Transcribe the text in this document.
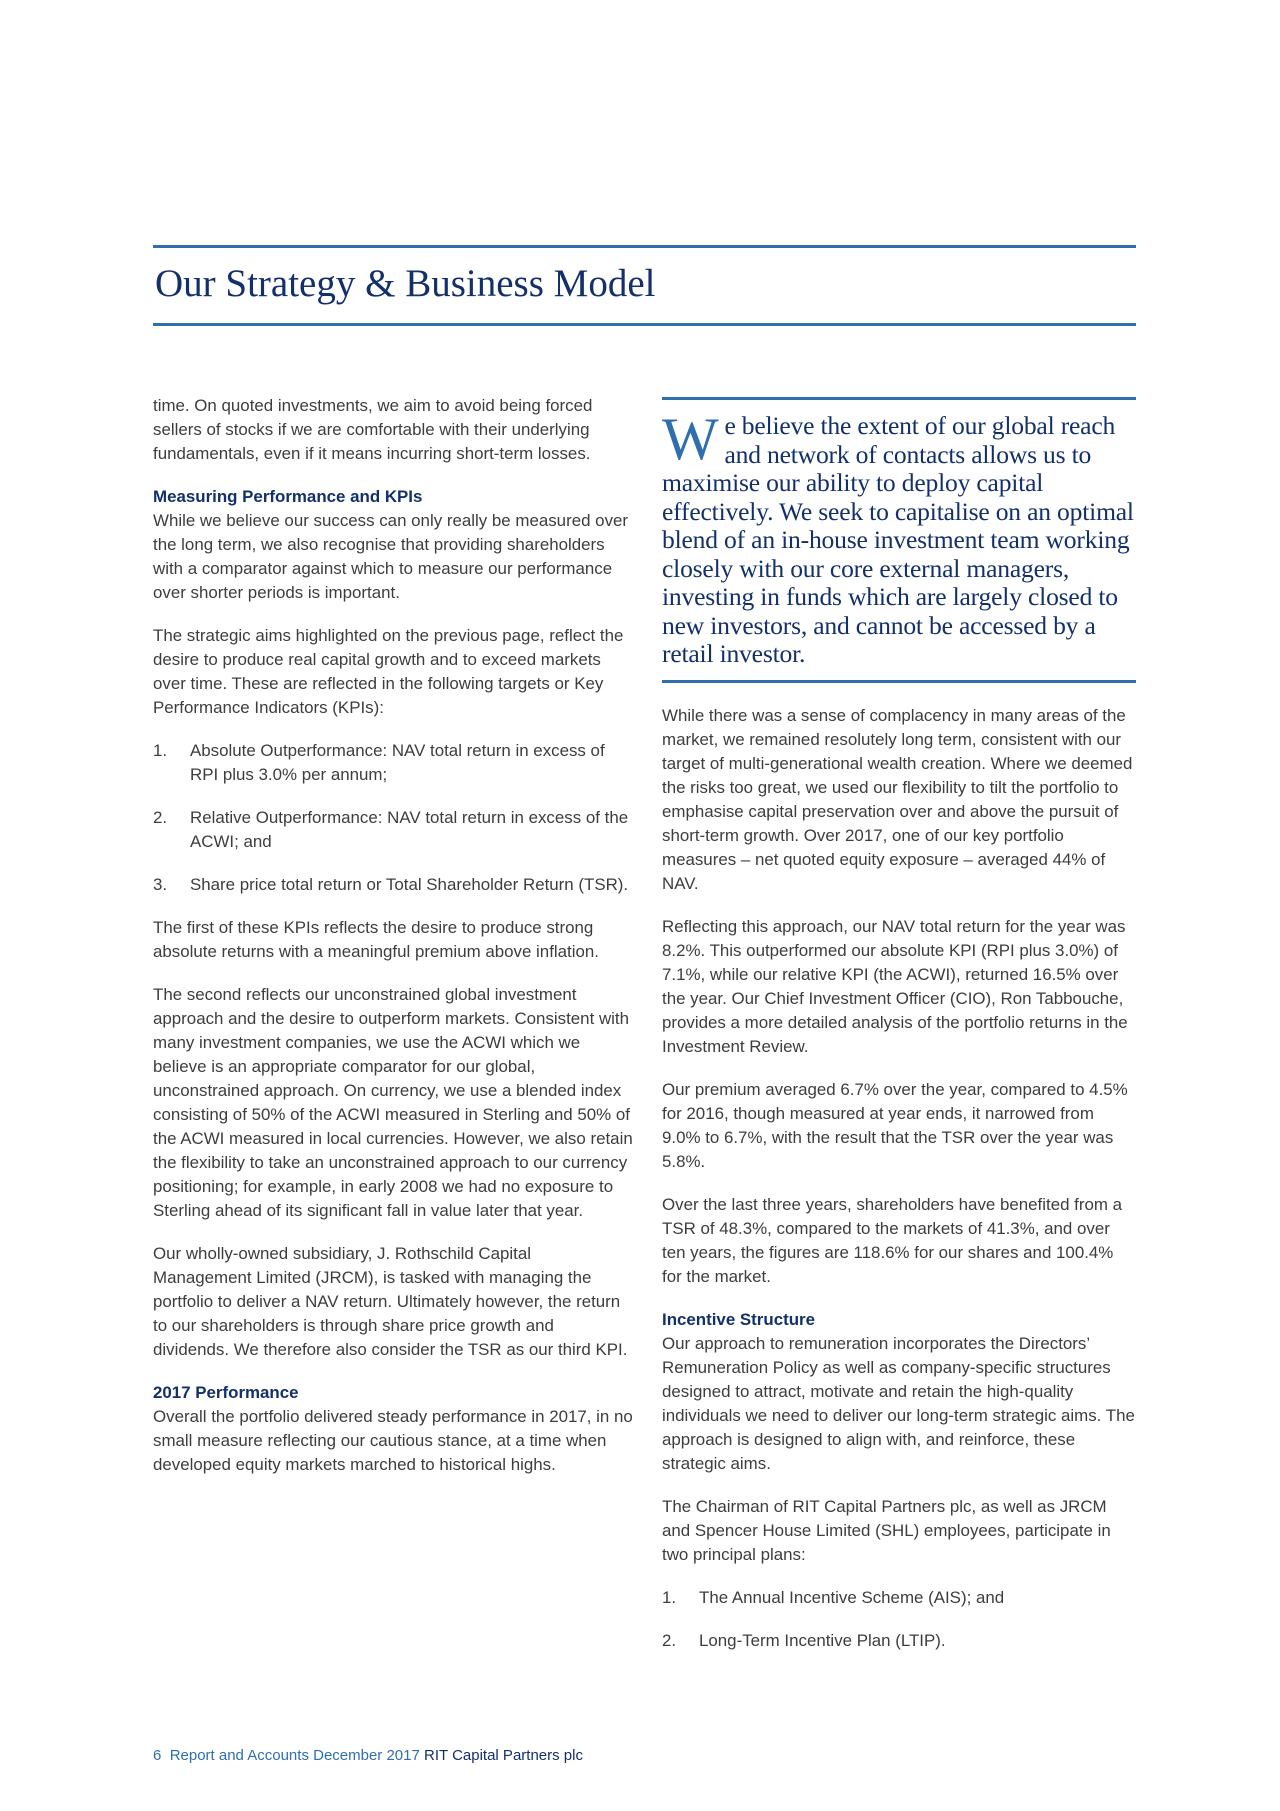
Our Strategy & Business Model

time. On quoted investments, we aim to avoid being forced sellers of stocks if we are comfortable with their underlying fundamentals, even if it means incurring short-term losses.

Measuring Performance and KPIs

While we believe our success can only really be measured over the long term, we also recognise that providing shareholders with a comparator against which to measure our performance over shorter periods is important.

The strategic aims highlighted on the previous page, reflect the desire to produce real capital growth and to exceed markets over time. These are reflected in the following targets or Key Performance Indicators (KPIs):

1. Absolute Outperformance: NAV total return in excess of RPI plus 3.0% per annum;
2. Relative Outperformance: NAV total return in excess of the ACWI; and
3. Share price total return or Total Shareholder Return (TSR).

The first of these KPIs reflects the desire to produce strong absolute returns with a meaningful premium above inflation.

The second reflects our unconstrained global investment approach and the desire to outperform markets. Consistent with many investment companies, we use the ACWI which we believe is an appropriate comparator for our global, unconstrained approach. On currency, we use a blended index consisting of 50% of the ACWI measured in Sterling and 50% of the ACWI measured in local currencies. However, we also retain the flexibility to take an unconstrained approach to our currency positioning; for example, in early 2008 we had no exposure to Sterling ahead of its significant fall in value later that year.

Our wholly-owned subsidiary, J. Rothschild Capital Management Limited (JRCM), is tasked with managing the portfolio to deliver a NAV return. Ultimately however, the return to our shareholders is through share price growth and dividends. We therefore also consider the TSR as our third KPI.

2017 Performance

Overall the portfolio delivered steady performance in 2017, in no small measure reflecting our cautious stance, at a time when developed equity markets marched to historical highs.

We believe the extent of our global reach and network of contacts allows us to maximise our ability to deploy capital effectively. We seek to capitalise on an optimal blend of an in-house investment team working closely with our core external managers, investing in funds which are largely closed to new investors, and cannot be accessed by a retail investor.

While there was a sense of complacency in many areas of the market, we remained resolutely long term, consistent with our target of multi-generational wealth creation. Where we deemed the risks too great, we used our flexibility to tilt the portfolio to emphasise capital preservation over and above the pursuit of short-term growth. Over 2017, one of our key portfolio measures – net quoted equity exposure – averaged 44% of NAV.

Reflecting this approach, our NAV total return for the year was 8.2%. This outperformed our absolute KPI (RPI plus 3.0%) of 7.1%, while our relative KPI (the ACWI), returned 16.5% over the year. Our Chief Investment Officer (CIO), Ron Tabbouche, provides a more detailed analysis of the portfolio returns in the Investment Review.

Our premium averaged 6.7% over the year, compared to 4.5% for 2016, though measured at year ends, it narrowed from 9.0% to 6.7%, with the result that the TSR over the year was 5.8%.

Over the last three years, shareholders have benefited from a TSR of 48.3%, compared to the markets of 41.3%, and over ten years, the figures are 118.6% for our shares and 100.4% for the market.

Incentive Structure

Our approach to remuneration incorporates the Directors’ Remuneration Policy as well as company-specific structures designed to attract, motivate and retain the high-quality individuals we need to deliver our long-term strategic aims. The approach is designed to align with, and reinforce, these strategic aims.

The Chairman of RIT Capital Partners plc, as well as JRCM and Spencer House Limited (SHL) employees, participate in two principal plans:

1. The Annual Incentive Scheme (AIS); and
2. Long-Term Incentive Plan (LTIP).

6 Report and Accounts December 2017 RIT Capital Partners plc
